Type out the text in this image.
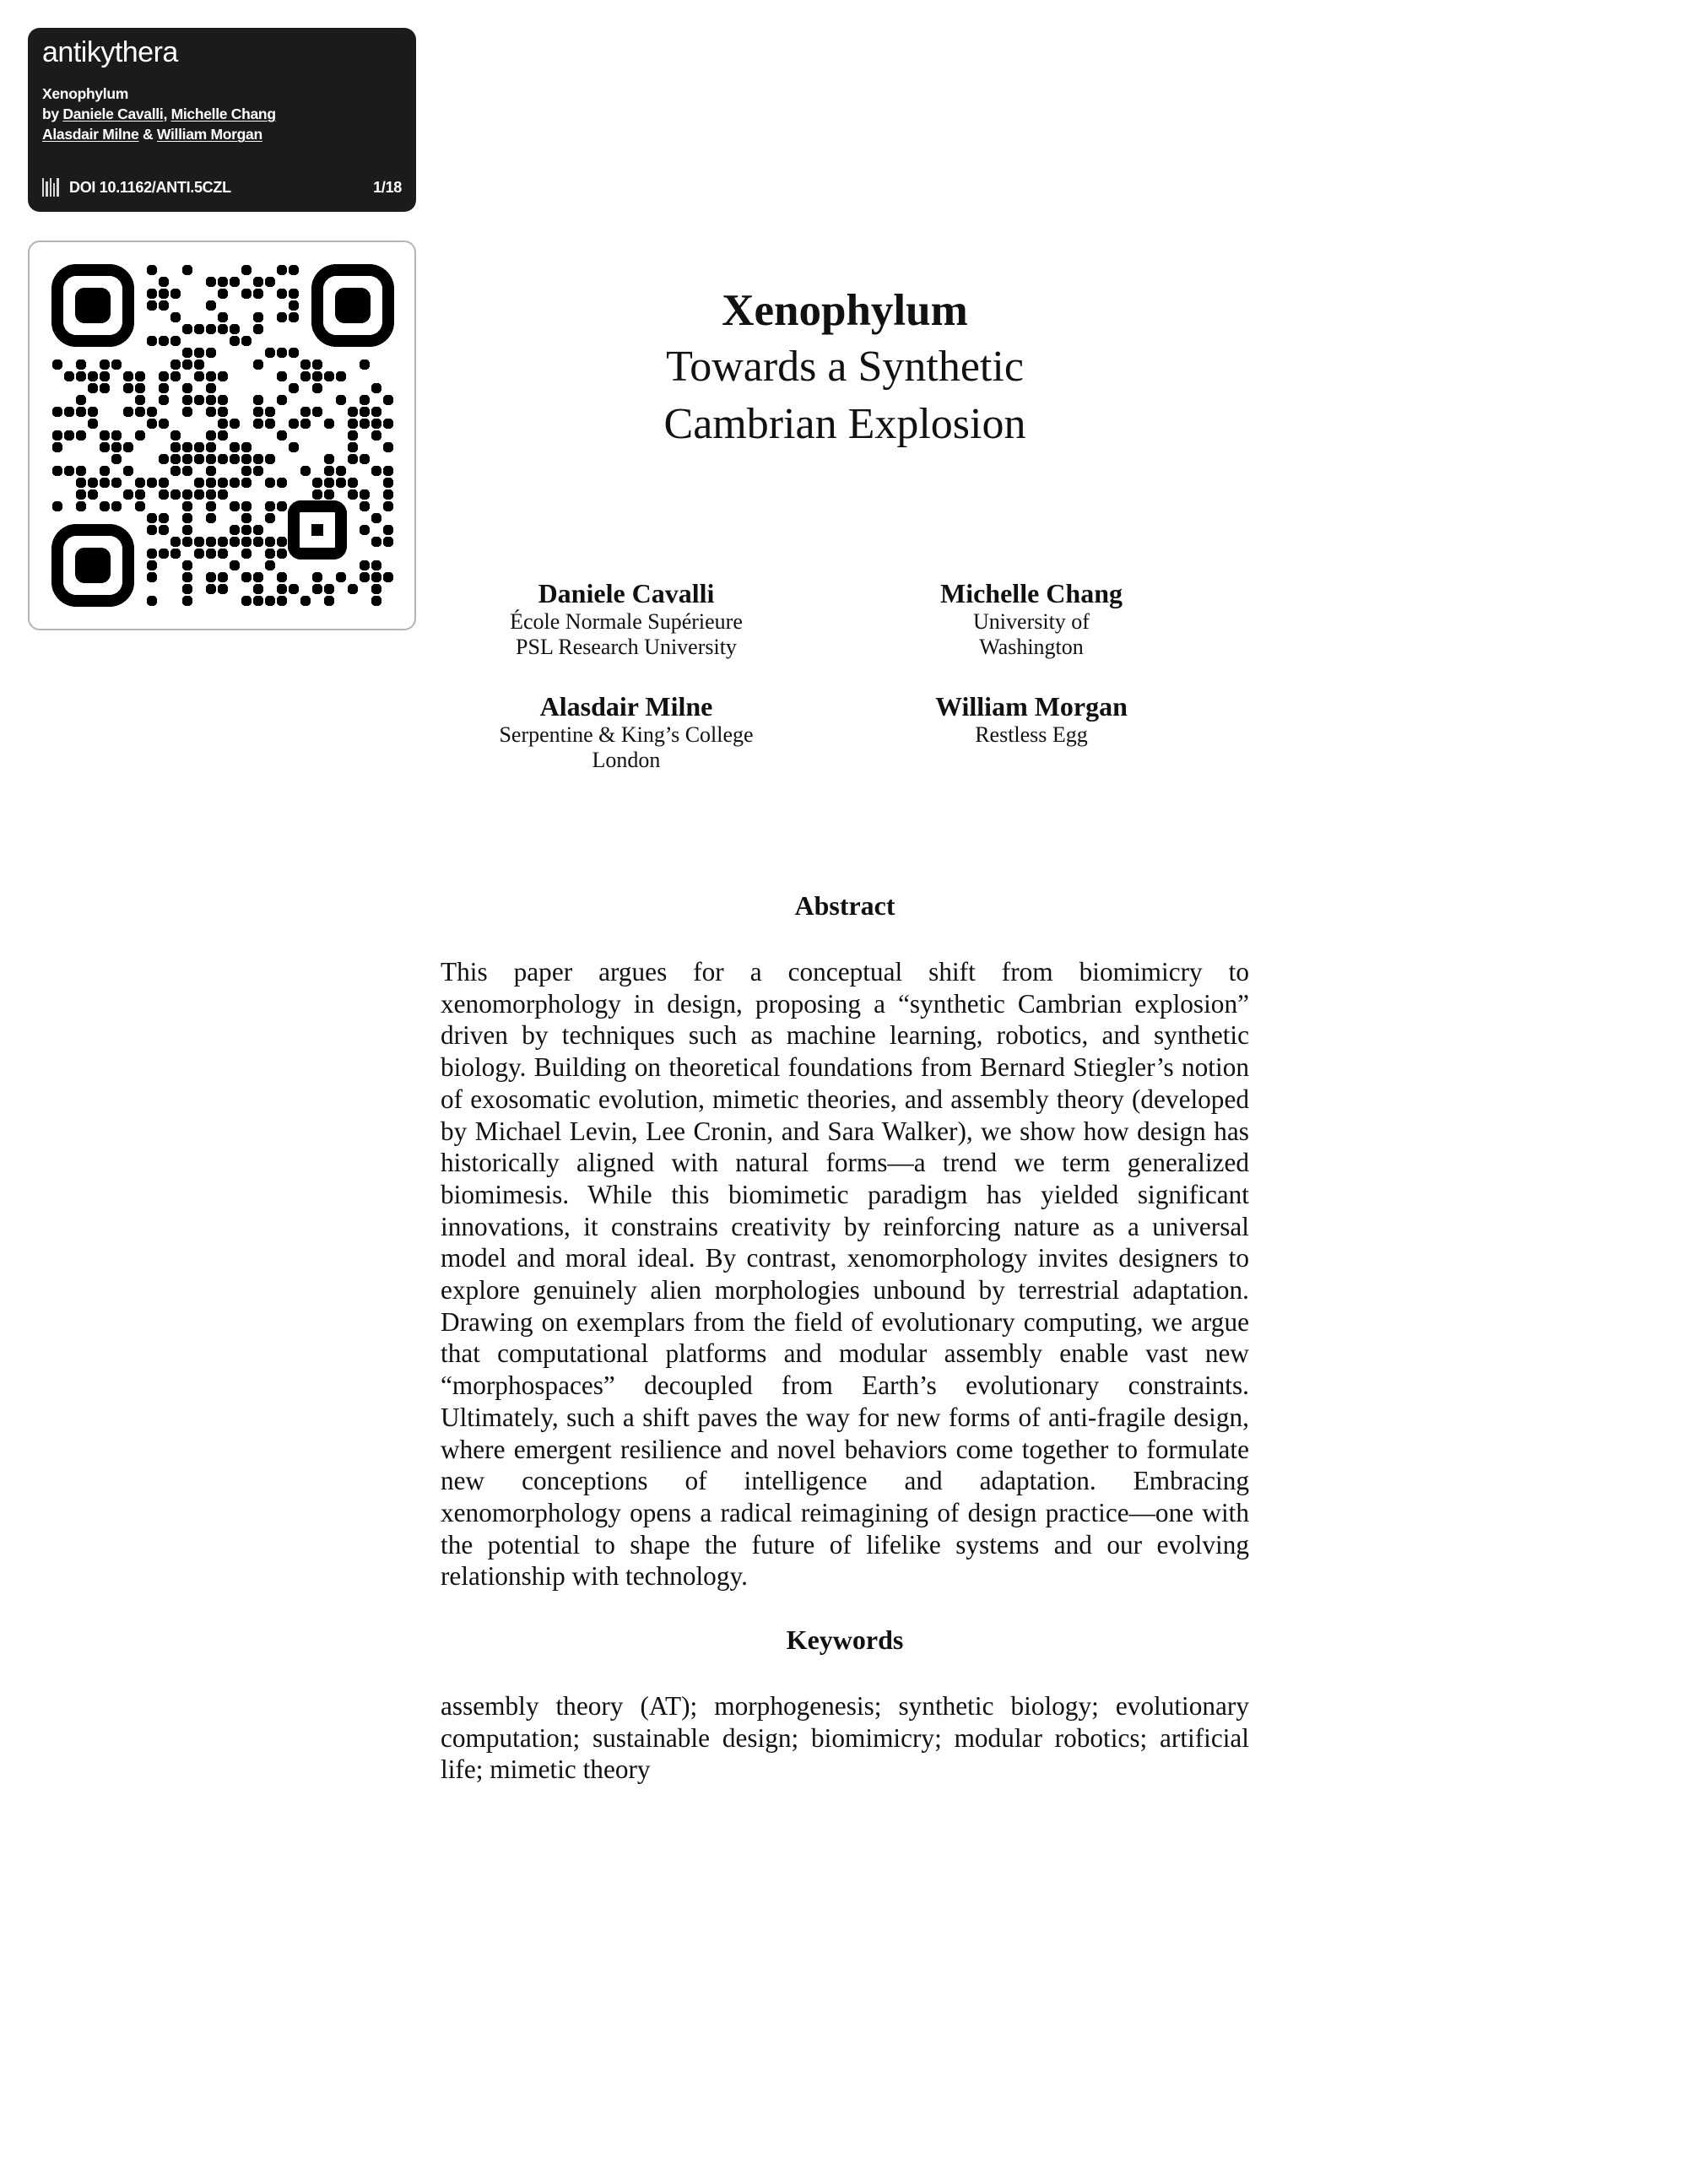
antikythera
Xenophylum
by Daniele Cavalli, Michelle Chang
Alasdair Milne & William Morgan
DOI 10.1162/ANTI.5CZL	1/18
Xenophylum

Towards a Synthetic Cambrian Explosion

Daniele Cavalli
École Normale Supérieure
PSL Research University
Michelle Chang
University of
Washington
Alasdair Milne
Serpentine & King’s College
London
William Morgan
Restless Egg
Abstract

This paper argues for a conceptual shift from biomimicry to xenomorphology in design, proposing a “synthetic Cambrian explosion” driven by techniques such as machine learning, robotics, and synthetic biology. Building on theoretical foundations from Bernard Stiegler’s notion of exosomatic evolution, mimetic theories, and assembly theory (developed by Michael Levin, Lee Cronin, and Sara Walker), we show how design has historically aligned with natural forms—a trend we term generalized biomimesis. While this biomimetic paradigm has yielded significant innovations, it constrains creativity by reinforcing nature as a universal model and moral ideal. By contrast, xenomorphology invites designers to explore genuinely alien morphologies unbound by terrestrial adaptation. Drawing on exemplars from the field of evolutionary computing, we argue that computational platforms and modular assembly enable vast new “morphospaces” decoupled from Earth’s evolutionary constraints. Ultimately, such a shift paves the way for new forms of anti-fragile design, where emergent resilience and novel behaviors come together to formulate new conceptions of intelligence and adaptation. Embracing xenomorphology opens a radical reimagining of design practice—one with the potential to shape the future of lifelike systems and our evolving relationship with technology.

Keywords

assembly theory (AT); morphogenesis; synthetic biology; evolutionary computation; sustainable design; biomimicry; modular robotics; artificial life; mimetic theory
